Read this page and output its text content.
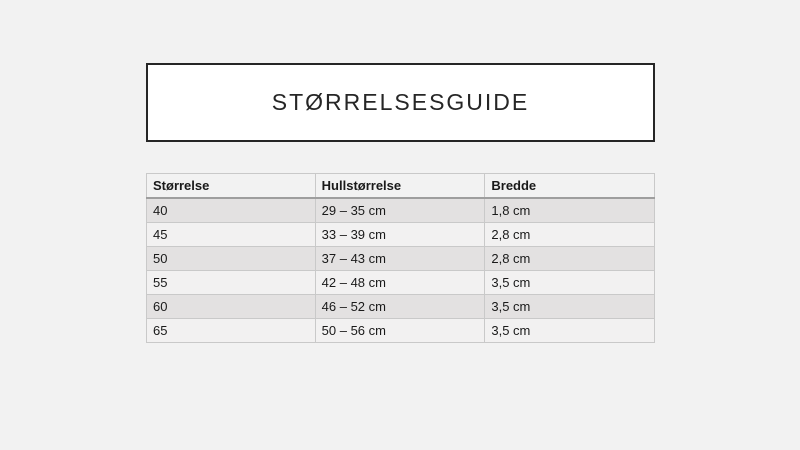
STØRRELSESGUIDE
Størrelse	Hullstørrelse	Bredde
40	29 – 35 cm	1,8 cm
45	33 – 39 cm	2,8 cm
50	37 – 43 cm	2,8 cm
55	42 – 48 cm	3,5 cm
60	46 – 52 cm	3,5 cm
65	50 – 56 cm	3,5 cm
